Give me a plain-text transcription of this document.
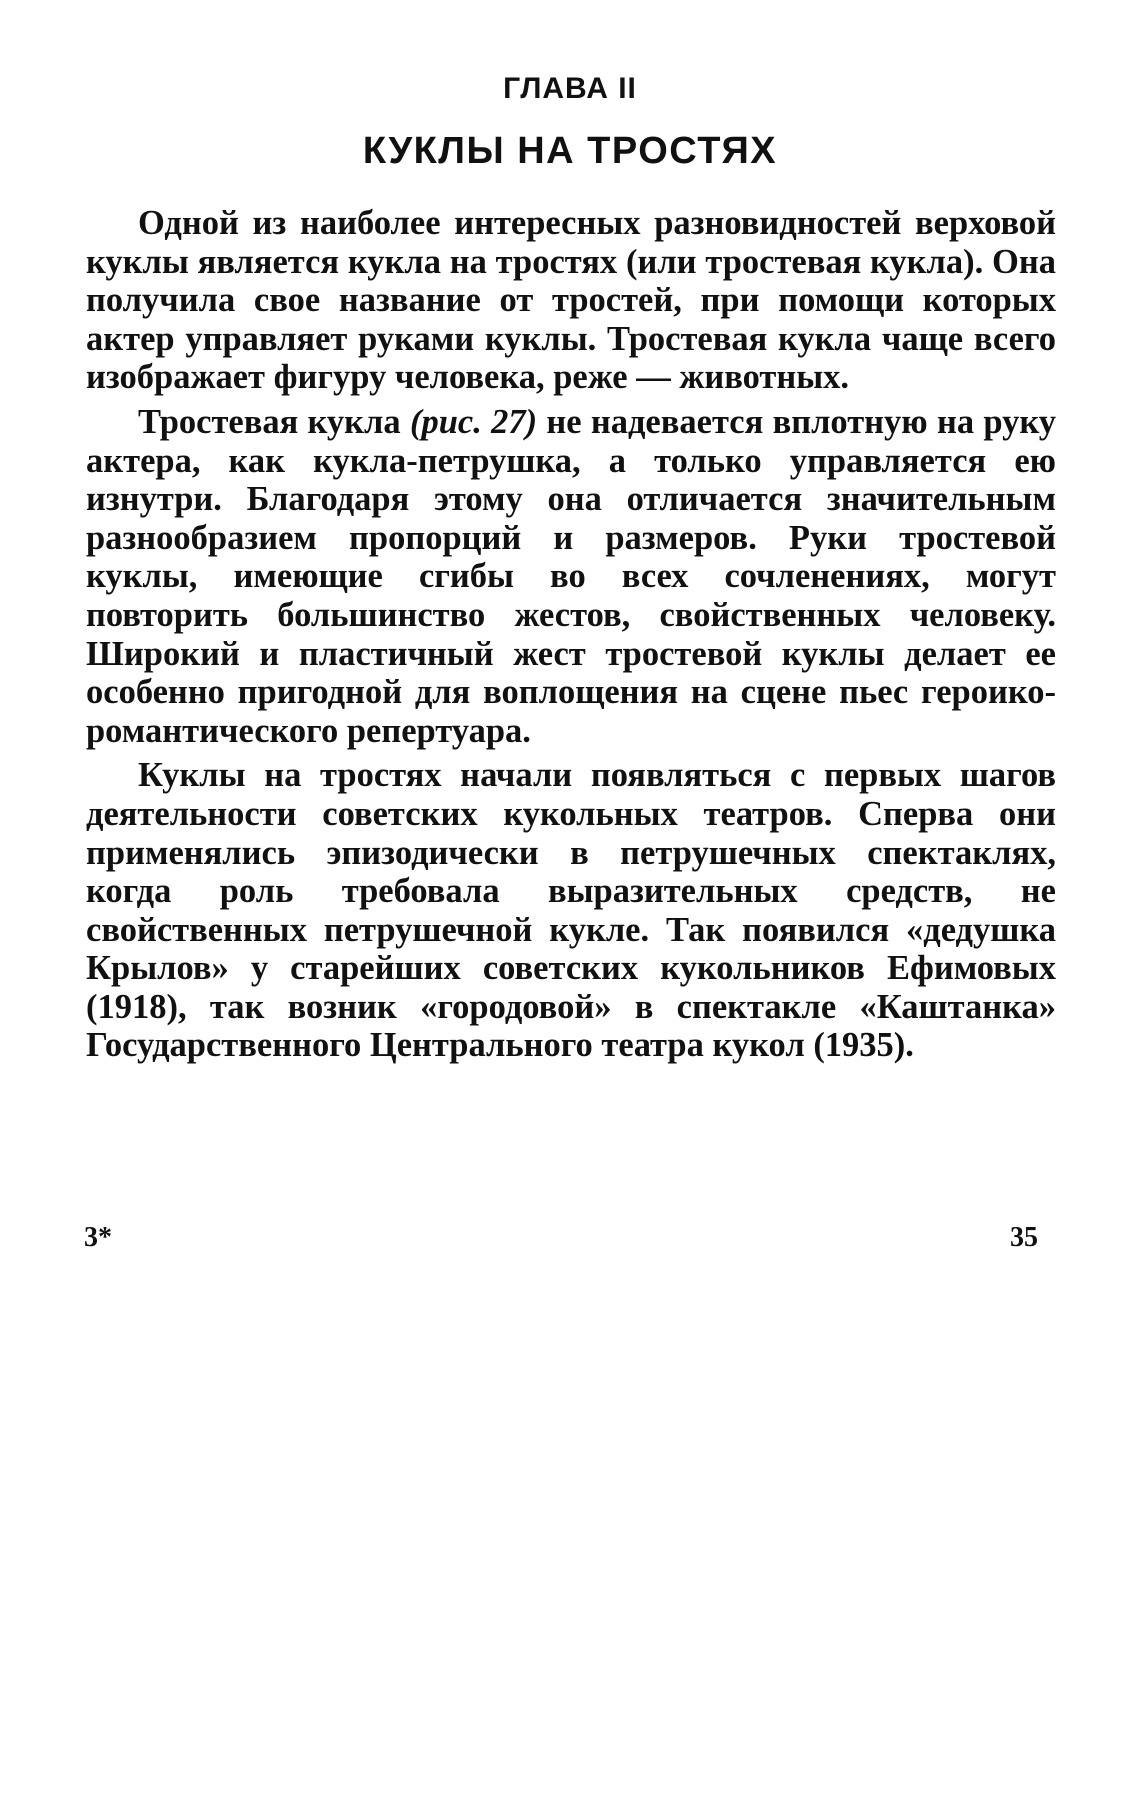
ГЛАВА II
КУКЛЫ НА ТРОСТЯХ

Одной из наиболее интересных разновидностей верховой куклы является кукла на тростях (или тростевая кукла). Она получила свое название от тростей, при помощи которых актер управляет руками куклы. Тростевая кукла чаще всего изображает фигуру человека, реже — животных.

Тростевая кукла (рис. 27) не надевается вплотную на руку актера, как кукла-петрушка, а только управляется ею изнутри. Благодаря этому она отличается значительным разнообразием пропорций и размеров. Руки тростевой куклы, имеющие сгибы во всех сочленениях, могут повторить большинство жестов, свойственных человеку. Широкий и пластичный жест тростевой куклы делает ее особенно пригодной для воплощения на сцене пьес героико-романтического репертуара.

Куклы на тростях начали появляться с первых шагов деятельности советских кукольных театров. Сперва они применялись эпизодически в петрушечных спектаклях, когда роль требовала выразительных средств, не свойственных петрушечной кукле. Так появился «дедушка Крылов» у старейших советских кукольников Ефимовых (1918), так возник «городовой» в спектакле «Каштанка» Государственного Центрального театра кукол (1935).

3*	35
